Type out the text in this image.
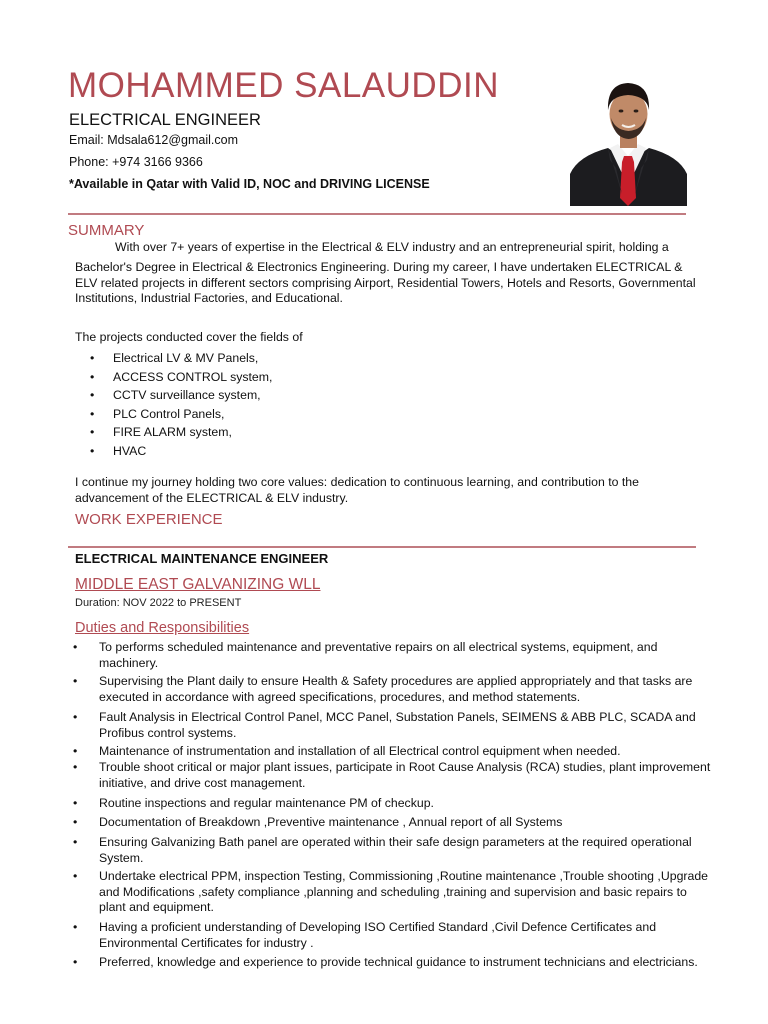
MOHAMMED SALAUDDIN
ELECTRICAL ENGINEER
Email: Mdsala612@gmail.com
Phone: +974 3166 9366
*Available in Qatar with Valid ID, NOC and DRIVING LICENSE
SUMMARY
With over 7+ years of expertise in the Electrical & ELV industry and an entrepreneurial spirit, holding a
Bachelor's Degree in Electrical & Electronics Engineering. During my career, I have undertaken ELECTRICAL & ELV related projects in different sectors comprising Airport, Residential Towers, Hotels and Resorts, Governmental Institutions, Industrial Factories, and Educational.
The projects conducted cover the fields of
• Electrical LV & MV Panels,
• ACCESS CONTROL system,
• CCTV surveillance system,
• PLC Control Panels,
• FIRE ALARM system,
• HVAC
I continue my journey holding two core values: dedication to continuous learning, and contribution to the advancement of the ELECTRICAL & ELV industry.
WORK EXPERIENCE
ELECTRICAL MAINTENANCE ENGINEER
MIDDLE EAST GALVANIZING WLL
Duration: NOV 2022 to PRESENT
Duties and Responsibilities
• To performs scheduled maintenance and preventative repairs on all electrical systems, equipment, and machinery.
• Supervising the Plant daily to ensure Health & Safety procedures are applied appropriately and that tasks are executed in accordance with agreed specifications, procedures, and method statements.
• Fault Analysis in Electrical Control Panel, MCC Panel, Substation Panels, SEIMENS & ABB PLC, SCADA and Profibus control systems.
• Maintenance of instrumentation and installation of all Electrical control equipment when needed.
• Trouble shoot critical or major plant issues, participate in Root Cause Analysis (RCA) studies, plant improvement initiative, and drive cost management.
• Routine inspections and regular maintenance PM of checkup.
• Documentation of Breakdown ,Preventive maintenance , Annual report of all Systems
• Ensuring Galvanizing Bath panel are operated within their safe design parameters at the required operational System.
• Undertake electrical PPM, inspection Testing, Commissioning ,Routine maintenance ,Trouble shooting ,Upgrade and Modifications ,safety compliance ,planning and scheduling ,training and supervision and basic repairs to plant and equipment.
• Having a proficient understanding of Developing ISO Certified Standard ,Civil Defence Certificates and Environmental Certificates for industry .
• Preferred, knowledge and experience to provide technical guidance to instrument technicians and electricians.
